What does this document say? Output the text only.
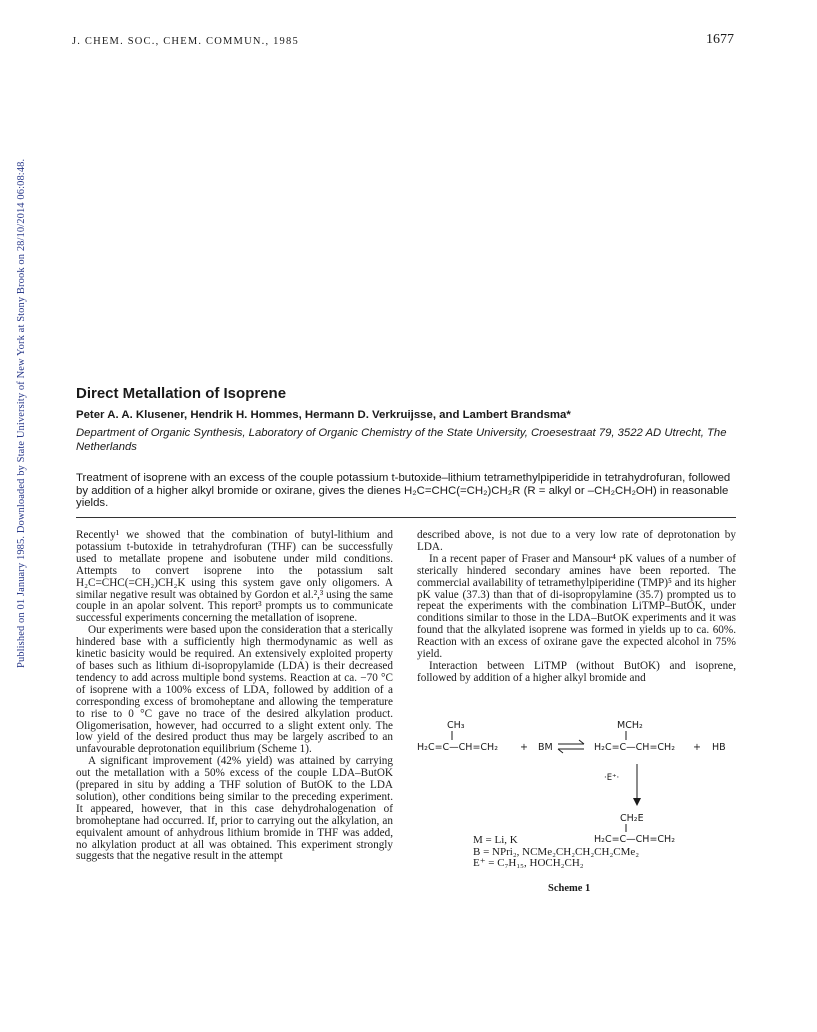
Published on 01 January 1985. Downloaded by State University of New York at Stony Brook on 28/10/2014 06:08:48.
J. CHEM. SOC., CHEM. COMMUN., 1985	1677
Direct Metallation of Isoprene
Peter A. A. Klusener, Hendrik H. Hommes, Hermann D. Verkruijsse, and Lambert Brandsma*
Department of Organic Synthesis, Laboratory of Organic Chemistry of the State University, Croesestraat 79, 3522 AD Utrecht, The Netherlands
Treatment of isoprene with an excess of the couple potassium t-butoxide–lithium tetramethylpiperidide in tetrahydrofuran, followed by addition of a higher alkyl bromide or oxirane, gives the dienes H₂C=CHC(=CH₂)CH₂R (R = alkyl or –CH₂CH₂OH) in reasonable yields.

Recently¹ we showed that the combination of butyl-lithium and potassium t-butoxide in tetrahydrofuran (THF) can be successfully used to metallate propene and isobutene under mild conditions. Attempts to convert isoprene into the potassium salt H₂C=CHC(=CH₂)CH₂K using this system gave only oligomers. A similar negative result was obtained by Gordon et al.²,³ using the same couple in an apolar solvent. This report³ prompts us to communicate successful experiments concerning the metallation of isoprene.

Our experiments were based upon the consideration that a sterically hindered base with a sufficiently high thermodynamic as well as kinetic basicity would be required. An extensively exploited property of bases such as lithium di-isopropylamide (LDA) is their decreased tendency to add across multiple bond systems. Reaction at ca. −70 °C of isoprene with a 100% excess of LDA, followed by addition of a corresponding excess of bromoheptane and allowing the temperature to rise to 0 °C gave no trace of the desired alkylation product. Oligomerisation, however, had occurred to a slight extent only. The low yield of the desired product thus may be largely ascribed to an unfavourable deprotonation equilibrium (Scheme 1).

A significant improvement (42% yield) was attained by carrying out the metallation with a 50% excess of the couple LDA–ButOK (prepared in situ by adding a THF solution of ButOK to the LDA solution), other conditions being similar to the preceding experiment. It appeared, however, that in this case dehydrohalogenation of bromoheptane had occurred. If, prior to carrying out the alkylation, an equivalent amount of anhydrous lithium bromide in THF was added, no alkylation product at all was obtained. This experiment strongly suggests that the negative result in the attempt

described above, is not due to a very low rate of deprotonation by LDA.

In a recent paper of Fraser and Mansour⁴ pK values of a number of sterically hindered secondary amines have been reported. The commercial availability of tetramethylpiperidine (TMP)⁵ and its higher pK value (37.3) than that of di-isopropylamine (35.7) prompted us to repeat the experiments with the combination LiTMP–ButOK, under conditions similar to those in the LDA–ButOK experiments and it was found that the alkylated isoprene was formed in yields up to ca. 60%. Reaction with an excess of oxirane gave the expected alcohol in 75% yield.

Interaction between LiTMP (without ButOK) and isoprene, followed by addition of a higher alkyl bromide and

CH₃
H₂C=C—CH=CH₂ + BM
MCH₂
H₂C=C—CH=CH₂ + HB
·E⁺·
CH₂E
H₂C=C—CH=CH₂
M = Li, K
B = NPri₂, NCMe₂CH₂CH₂CH₂CMe₂
E⁺ = C₇H₁₅, HOCH₂CH₂
Scheme 1
